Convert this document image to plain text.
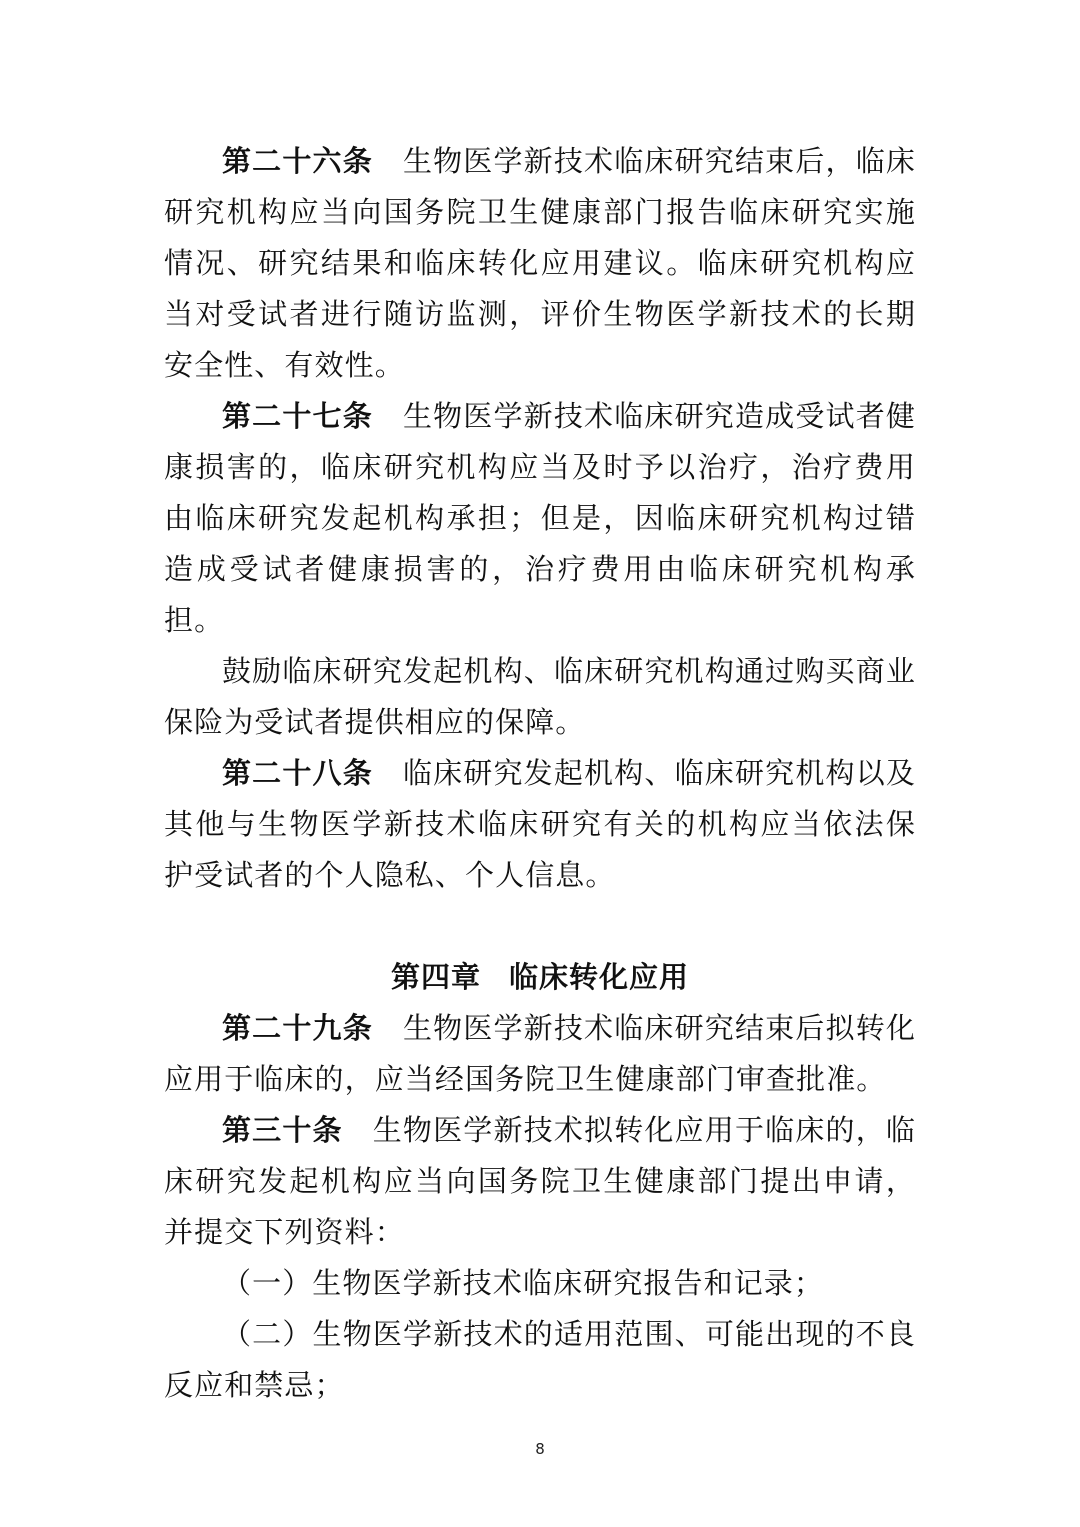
第二十六条 生物医学新技术临床研究结束后，临床研究机构应当向国务院卫生健康部门报告临床研究实施情况、研究结果和临床转化应用建议。临床研究机构应当对受试者进行随访监测，评价生物医学新技术的长期安全性、有效性。

第二十七条 生物医学新技术临床研究造成受试者健康损害的，临床研究机构应当及时予以治疗，治疗费用由临床研究发起机构承担；但是，因临床研究机构过错造成受试者健康损害的，治疗费用由临床研究机构承担。

鼓励临床研究发起机构、临床研究机构通过购买商业保险为受试者提供相应的保障。

第二十八条 临床研究发起机构、临床研究机构以及其他与生物医学新技术临床研究有关的机构应当依法保护受试者的个人隐私、个人信息。

第四章 临床转化应用

第二十九条 生物医学新技术临床研究结束后拟转化应用于临床的，应当经国务院卫生健康部门审查批准。

第三十条 生物医学新技术拟转化应用于临床的，临床研究发起机构应当向国务院卫生健康部门提出申请，并提交下列资料：

（一）生物医学新技术临床研究报告和记录；

（二）生物医学新技术的适用范围、可能出现的不良反应和禁忌；

8
